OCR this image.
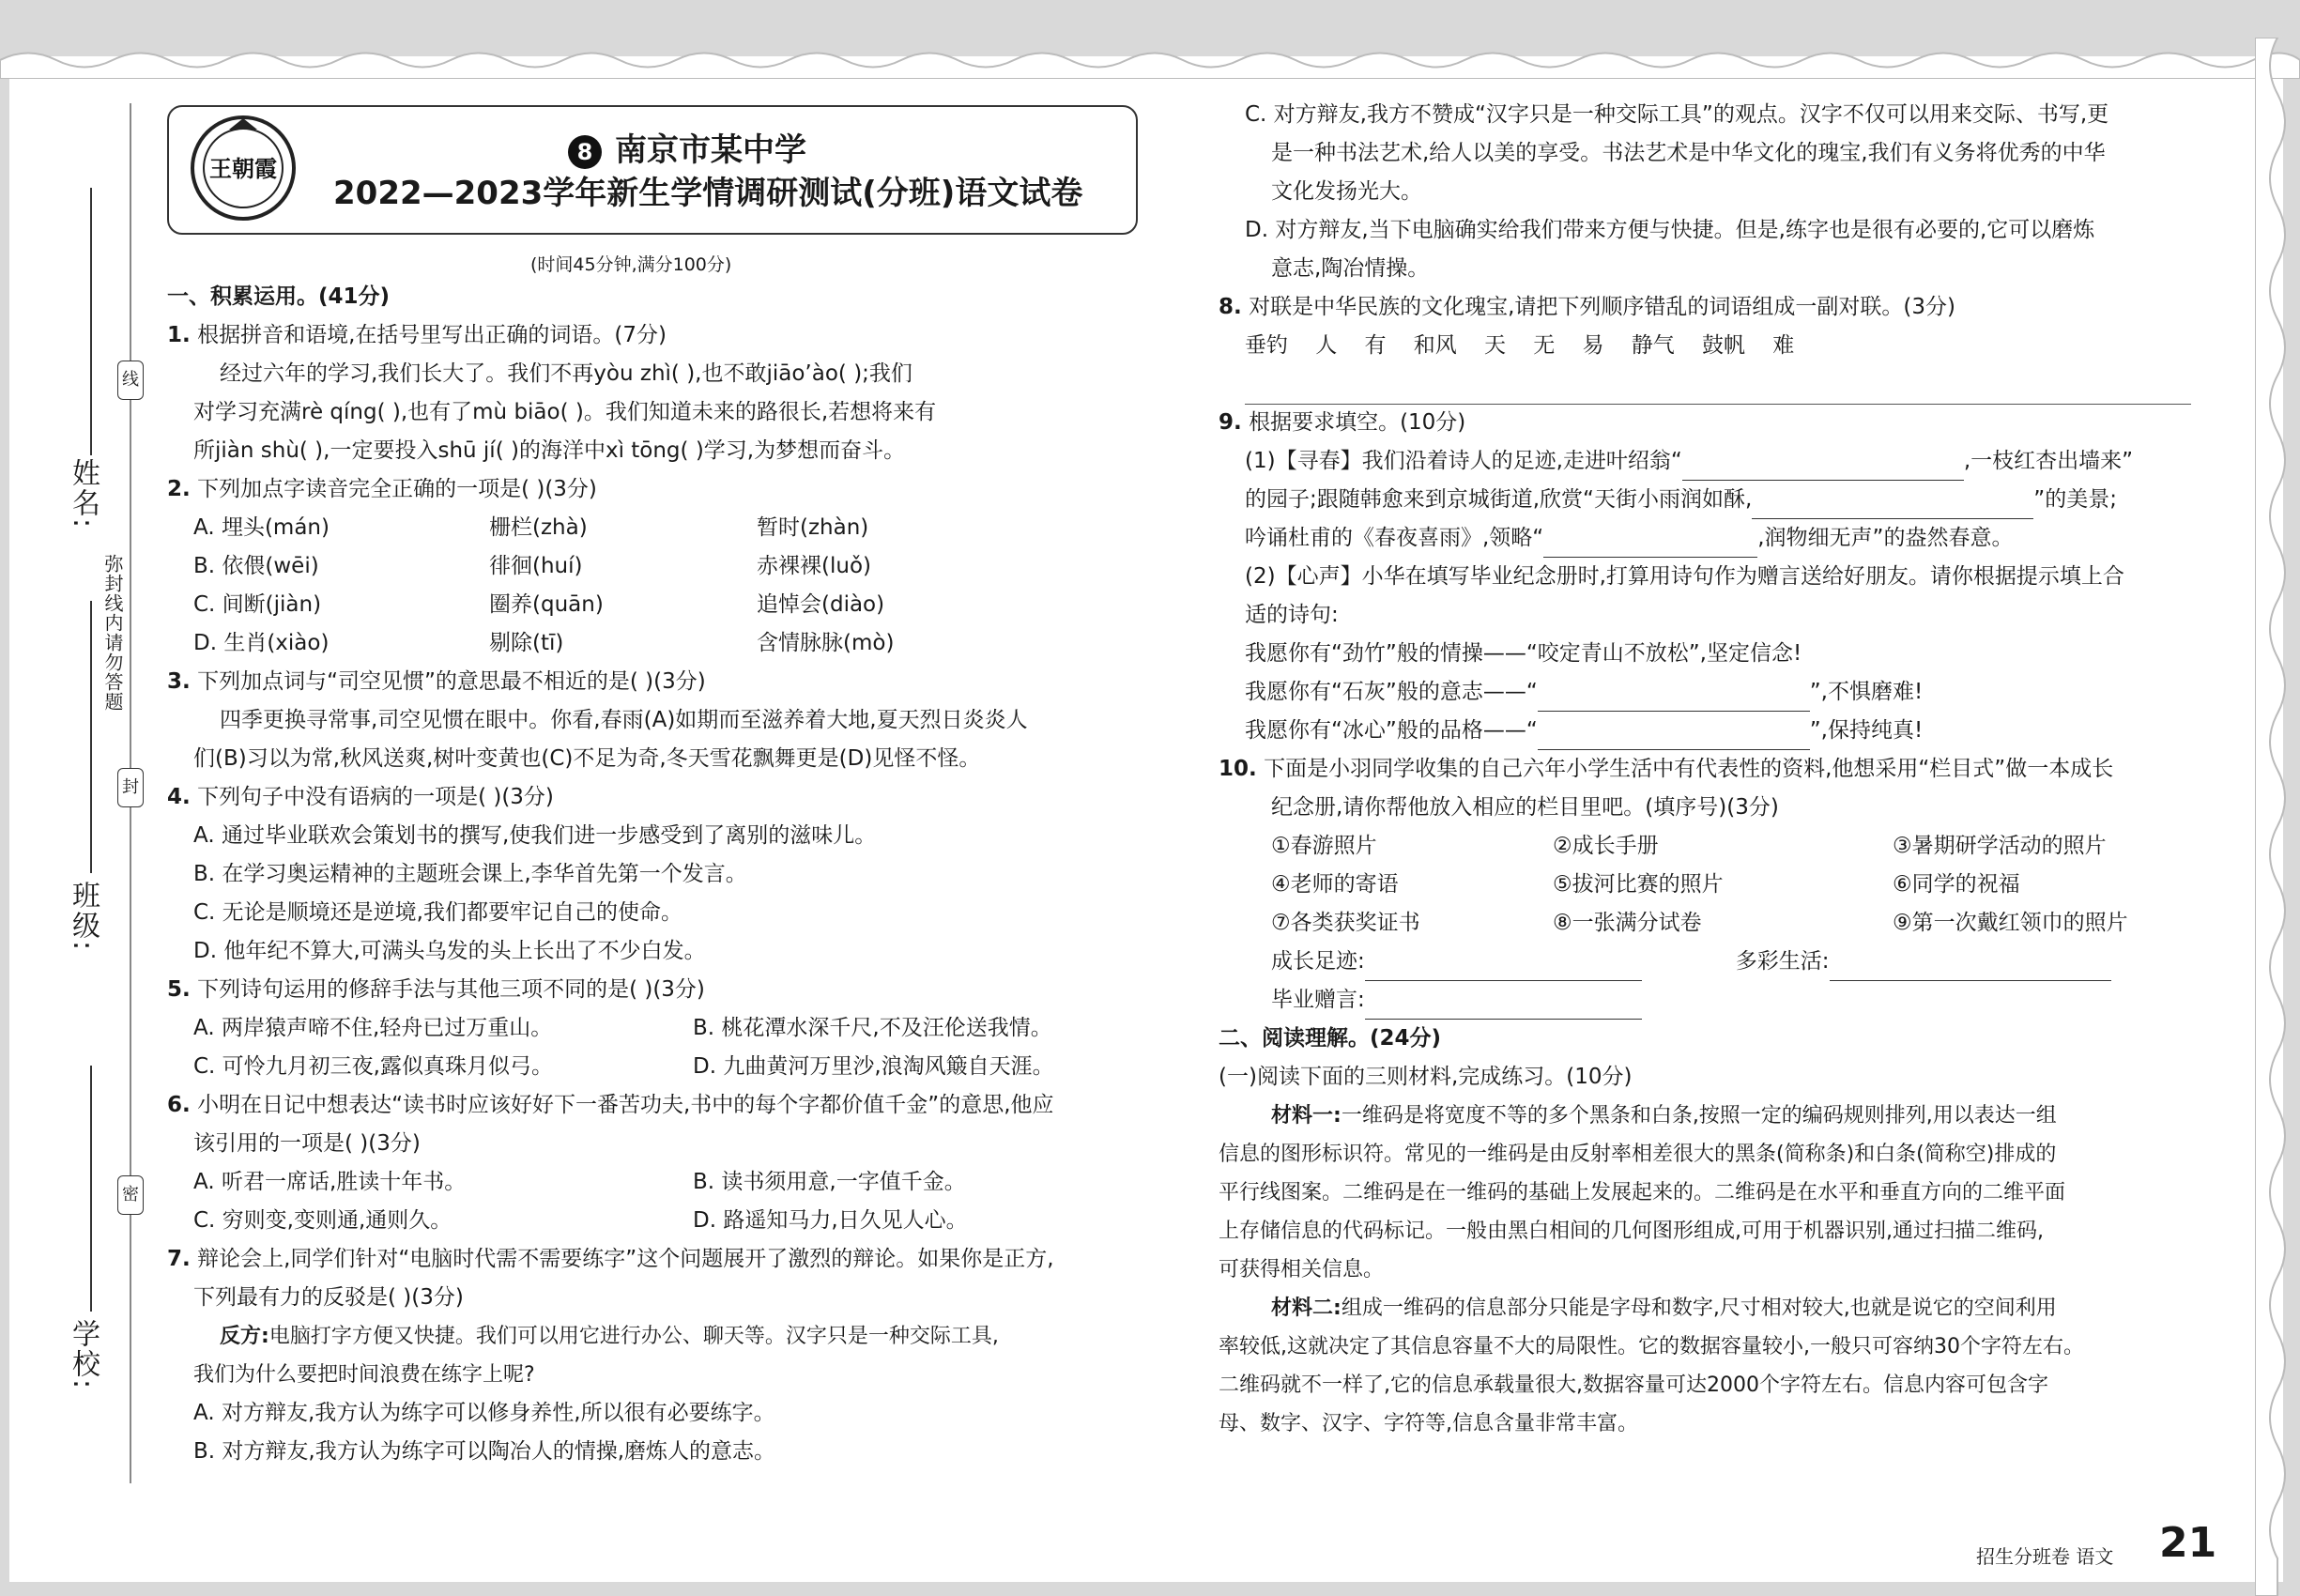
姓名:
班级:
学校:
线
弥封线内请勿答题
封
密
王朝霞
8 南京市某中学
2022—2023学年新生学情调研测试(分班)语文试卷
(时间45分钟,满分100分)

一、积累运用。(41分)

1. 根据拼音和语境,在括号里写出正确的词语。(7分)

经过六年的学习,我们长大了。我们不再yòu zhì( ),也不敢jiāo’ào( );我们

对学习充满rè qíng( ),也有了mù biāo( )。我们知道未来的路很长,若想将来有

所jiàn shù( ),一定要投入shū jí( )的海洋中xì tōng( )学习,为梦想而奋斗。

2. 下列加点字读音完全正确的一项是( )(3分)

A. 埋头(mán)	栅栏(zhà)	暂时(zhàn)

B. 依偎(wēi)	徘徊(huí)	赤裸裸(luǒ)

C. 间断(jiàn)	圈养(quān)	追悼会(diào)

D. 生肖(xiào)	剔除(tī)	含情脉脉(mò)

3. 下列加点词与“司空见惯”的意思最不相近的是( )(3分)

四季更换寻常事,司空见惯在眼中。你看,春雨(A)如期而至滋养着大地,夏天烈日炎炎人

们(B)习以为常,秋风送爽,树叶变黄也(C)不足为奇,冬天雪花飘舞更是(D)见怪不怪。

4. 下列句子中没有语病的一项是( )(3分)

A. 通过毕业联欢会策划书的撰写,使我们进一步感受到了离别的滋味儿。

B. 在学习奥运精神的主题班会课上,李华首先第一个发言。

C. 无论是顺境还是逆境,我们都要牢记自己的使命。

D. 他年纪不算大,可满头乌发的头上长出了不少白发。

5. 下列诗句运用的修辞手法与其他三项不同的是( )(3分)

A. 两岸猿声啼不住,轻舟已过万重山。	B. 桃花潭水深千尺,不及汪伦送我情。

C. 可怜九月初三夜,露似真珠月似弓。	D. 九曲黄河万里沙,浪淘风簸自天涯。

6. 小明在日记中想表达“读书时应该好好下一番苦功夫,书中的每个字都价值千金”的意思,他应

该引用的一项是( )(3分)

A. 听君一席话,胜读十年书。	B. 读书须用意,一字值千金。

C. 穷则变,变则通,通则久。	D. 路遥知马力,日久见人心。

7. 辩论会上,同学们针对“电脑时代需不需要练字”这个问题展开了激烈的辩论。如果你是正方,

下列最有力的反驳是( )(3分)

反方:电脑打字方便又快捷。我们可以用它进行办公、聊天等。汉字只是一种交际工具,

我们为什么要把时间浪费在练字上呢?

A. 对方辩友,我方认为练字可以修身养性,所以很有必要练字。

B. 对方辩友,我方认为练字可以陶冶人的情操,磨炼人的意志。

C. 对方辩友,我方不赞成“汉字只是一种交际工具”的观点。汉字不仅可以用来交际、书写,更

是一种书法艺术,给人以美的享受。书法艺术是中华文化的瑰宝,我们有义务将优秀的中华

文化发扬光大。

D. 对方辩友,当下电脑确实给我们带来方便与快捷。但是,练字也是很有必要的,它可以磨炼

意志,陶冶情操。

8. 对联是中华民族的文化瑰宝,请把下列顺序错乱的词语组成一副对联。(3分)

垂钓 人 有 和风 天 无 易 静气 鼓帆 难

9. 根据要求填空。(10分)

(1)【寻春】我们沿着诗人的足迹,走进叶绍翁“	,一枝红杏出墙来”

的园子;跟随韩愈来到京城街道,欣赏“天街小雨润如酥,	”的美景;

吟诵杜甫的《春夜喜雨》,领略“	,润物细无声”的盎然春意。

(2)【心声】小华在填写毕业纪念册时,打算用诗句作为赠言送给好朋友。请你根据提示填上合

适的诗句:

我愿你有“劲竹”般的情操——“咬定青山不放松”,坚定信念!

我愿你有“石灰”般的意志——“	”,不惧磨难!

我愿你有“冰心”般的品格——“	”,保持纯真!

10. 下面是小羽同学收集的自己六年小学生活中有代表性的资料,他想采用“栏目式”做一本成长

纪念册,请你帮他放入相应的栏目里吧。(填序号)(3分)

①春游照片	②成长手册	③暑期研学活动的照片

④老师的寄语	⑤拔河比赛的照片	⑥同学的祝福

⑦各类获奖证书	⑧一张满分试卷	⑨第一次戴红领巾的照片

成长足迹:	多彩生活:

毕业赠言:

二、阅读理解。(24分)

(一)阅读下面的三则材料,完成练习。(10分)

材料一:一维码是将宽度不等的多个黑条和白条,按照一定的编码规则排列,用以表达一组

信息的图形标识符。常见的一维码是由反射率相差很大的黑条(简称条)和白条(简称空)排成的

平行线图案。二维码是在一维码的基础上发展起来的。二维码是在水平和垂直方向的二维平面

上存储信息的代码标记。一般由黑白相间的几何图形组成,可用于机器识别,通过扫描二维码,

可获得相关信息。

材料二:组成一维码的信息部分只能是字母和数字,尺寸相对较大,也就是说它的空间利用

率较低,这就决定了其信息容量不大的局限性。它的数据容量较小,一般只可容纳30个字符左右。

二维码就不一样了,它的信息承载量很大,数据容量可达2000个字符左右。信息内容可包含字

母、数字、汉字、字符等,信息含量非常丰富。

招生分班卷 语文 21
